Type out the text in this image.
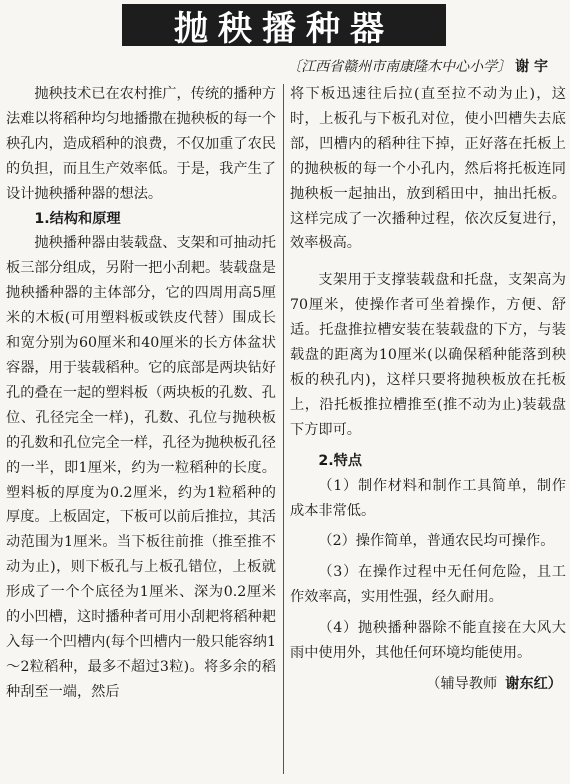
抛秧播种器
〔江西省赣州市南康隆木中心小学〕 谢 宇

抛秧技术已在农村推广，传统的播种方法难以将稻种均匀地播撒在抛秧板的每一个秧孔内，造成稻种的浪费，不仅加重了农民的负担，而且生产效率低。于是，我产生了设计抛秧播种器的想法。

1.结构和原理

抛秧播种器由装载盘、支架和可抽动托板三部分组成，另附一把小刮耙。装载盘是抛秧播种器的主体部分，它的四周用高5厘米的木板(可用塑料板或铁皮代替）围成长和宽分别为60厘米和40厘米的长方体盆状容器，用于装载稻种。它的底部是两块钻好孔的叠在一起的塑料板（两块板的孔数、孔位、孔径完全一样)，孔数、孔位与抛秧板的孔数和孔位完全一样，孔径为抛秧板孔径的一半，即1厘米，约为一粒稻种的长度。塑料板的厚度为0.2厘米，约为1粒稻种的厚度。上板固定，下板可以前后推拉，其活动范围为1厘米。当下板往前推（推至推不动为止)，则下板孔与上板孔错位，上板就形成了一个个底径为1厘米、深为0.2厘米的小凹槽，这时播种者可用小刮耙将稻种耙入每一个凹槽内(每个凹槽内一般只能容纳1～2粒稻种，最多不超过3粒)。将多余的稻种刮至一端，然后

将下板迅速往后拉(直至拉不动为止)，这时，上板孔与下板孔对位，使小凹槽失去底部，凹槽内的稻种往下掉，正好落在托板上的抛秧板的每一个小孔内，然后将托板连同抛秧板一起抽出，放到稻田中，抽出托板。这样完成了一次播种过程，依次反复进行，效率极高。

支架用于支撑装载盘和托盘，支架高为70厘米，使操作者可坐着操作，方便、舒适。托盘推拉槽安装在装载盘的下方，与装载盘的距离为10厘米(以确保稻种能落到秧板的秧孔内)，这样只要将抛秧板放在托板上，沿托板推拉槽推至(推不动为止)装载盘下方即可。

2.特点

（1）制作材料和制作工具简单，制作成本非常低。

（2）操作简单，普通农民均可操作。

（3）在操作过程中无任何危险，且工作效率高，实用性强，经久耐用。

（4）抛秧播种器除不能直接在大风大雨中使用外，其他任何环境均能使用。

（辅导教师 谢东红）
